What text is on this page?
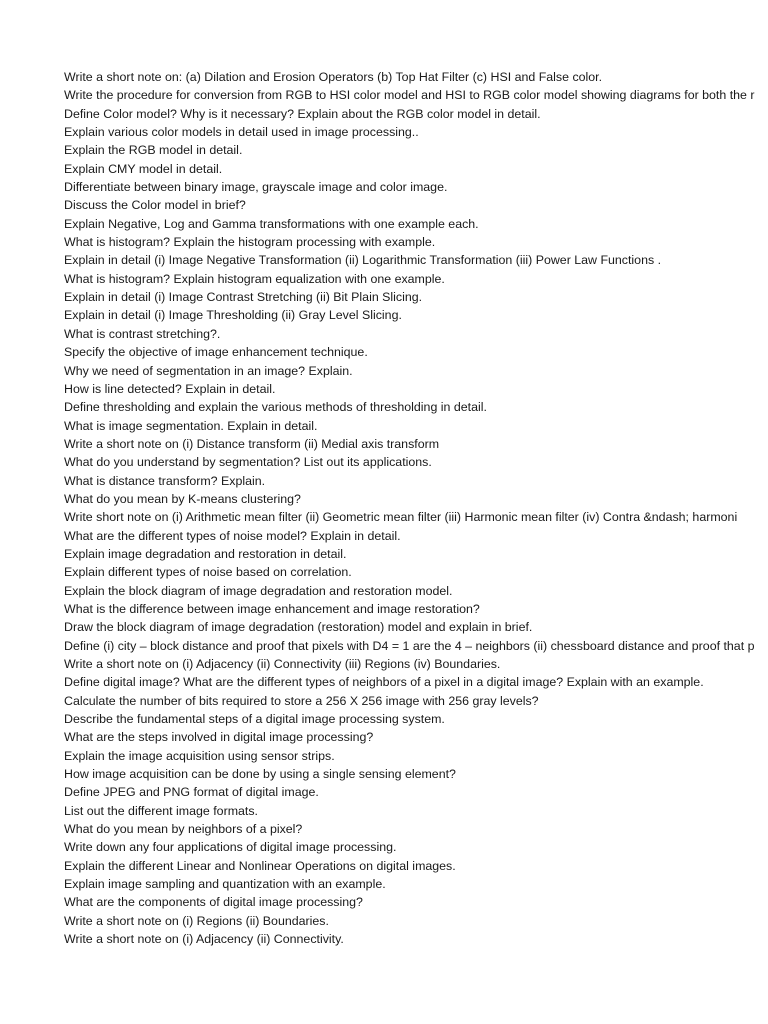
Write a short note on: (a) Dilation and Erosion Operators (b) Top Hat Filter (c) HSI and False color.
Write the procedure for conversion from RGB to HSI color model and HSI to RGB color model showing diagrams for both the r
Define Color model? Why is it necessary? Explain about the RGB color model in detail.
Explain various color models in detail used in image processing..
Explain the RGB model in detail.
Explain CMY model in detail.
Differentiate between binary image, grayscale image and color image.
Discuss the Color model in brief?
Explain Negative, Log and Gamma transformations with one example each.
What is histogram? Explain the histogram processing with example.
Explain in detail (i) Image Negative Transformation (ii) Logarithmic Transformation (iii) Power Law Functions .
What is histogram? Explain histogram equalization with one example.
Explain in detail (i) Image Contrast Stretching (ii) Bit Plain Slicing.
Explain in detail (i) Image Thresholding (ii) Gray Level Slicing.
What is contrast stretching?.
Specify the objective of image enhancement technique.
Why we need of segmentation in an image? Explain.
How is line detected? Explain in detail.
Define thresholding and explain the various methods of thresholding in detail.
What is image segmentation. Explain in detail.
Write a short note on (i) Distance transform (ii) Medial axis transform
What do you understand by segmentation? List out its applications.
What is distance transform? Explain.
What do you mean by K-means clustering?
Write short note on (i) Arithmetic mean filter (ii) Geometric mean filter (iii) Harmonic mean filter (iv) Contra &ndash; harmoni
What are the different types of noise model? Explain in detail.
Explain image degradation and restoration in detail.
Explain different types of noise based on correlation.
Explain the block diagram of image degradation and restoration model.
What is the difference between image enhancement and image restoration?
Draw the block diagram of image degradation (restoration) model and explain in brief.
Define (i) city – block distance and proof that pixels with D4 = 1 are the 4 – neighbors (ii) chessboard distance and proof that p
Write a short note on (i) Adjacency (ii) Connectivity (iii) Regions (iv) Boundaries.
Define digital image? What are the different types of neighbors of a pixel in a digital image? Explain with an example.
Calculate the number of bits required to store a 256 X 256 image with 256 gray levels?
Describe the fundamental steps of a digital image processing system.
What are the steps involved in digital image processing?
Explain the image acquisition using sensor strips.
How image acquisition can be done by using a single sensing element?
Define JPEG and PNG format of digital image.
List out the different image formats.
What do you mean by neighbors of a pixel?
Write down any four applications of digital image processing.
Explain the different Linear and Nonlinear Operations on digital images.
Explain image sampling and quantization with an example.
What are the components of digital image processing?
Write a short note on (i) Regions (ii) Boundaries.
Write a short note on (i) Adjacency (ii) Connectivity.
